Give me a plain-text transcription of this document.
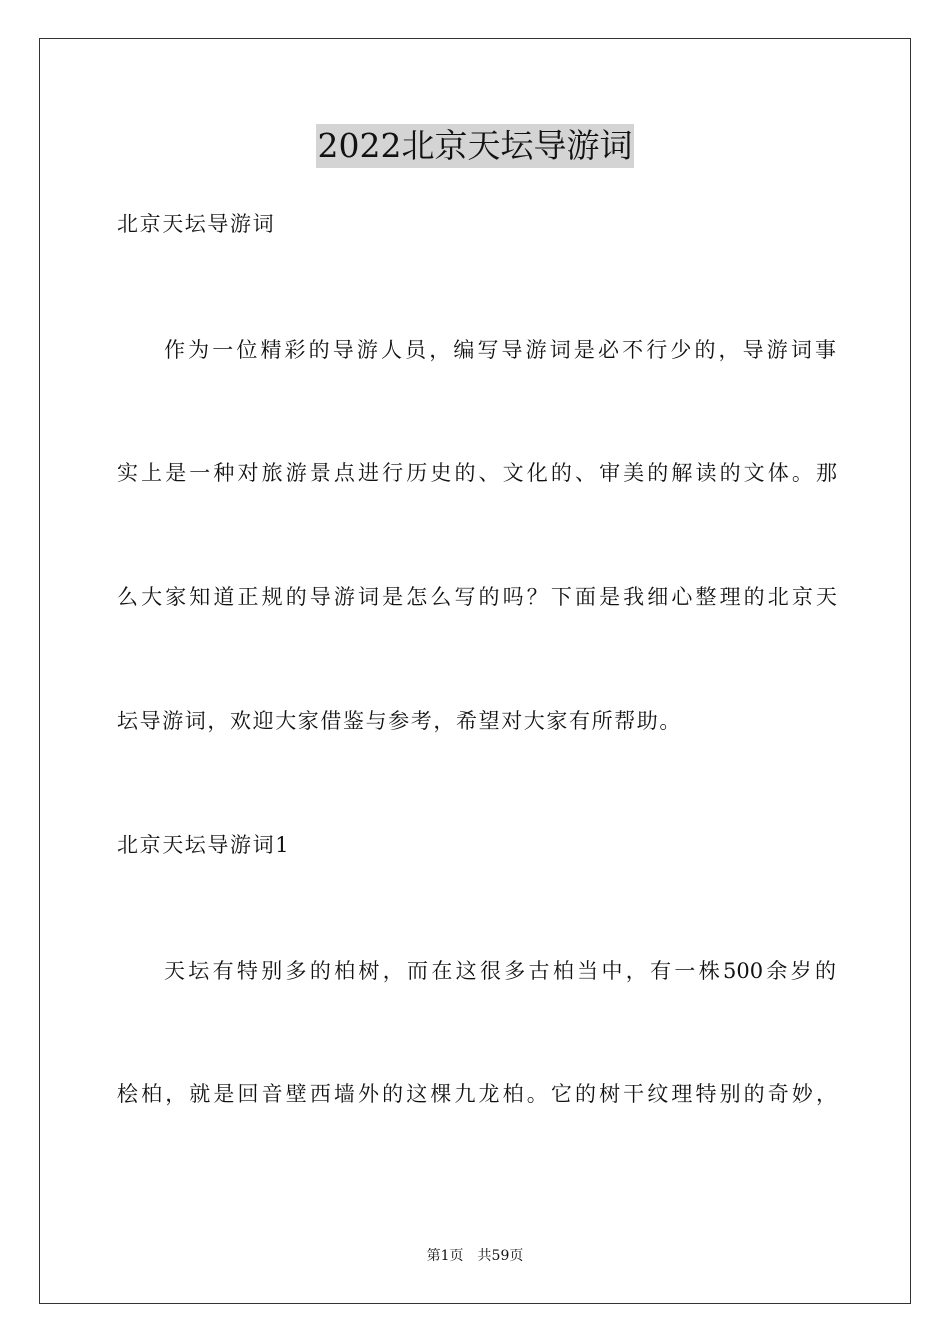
2022北京天坛导游词
北京天坛导游词
作为一位精彩的导游人员，编写导游词是必不行少的，导游词事
实上是一种对旅游景点进行历史的、文化的、审美的解读的文体。那
么大家知道正规的导游词是怎么写的吗？下面是我细心整理的北京天
坛导游词，欢迎大家借鉴与参考，希望对大家有所帮助。
北京天坛导游词1
天坛有特别多的柏树，而在这很多古柏当中，有一株500余岁的
桧柏，就是回音壁西墙外的这棵九龙柏。它的树干纹理特别的奇妙，
第1页 共59页
